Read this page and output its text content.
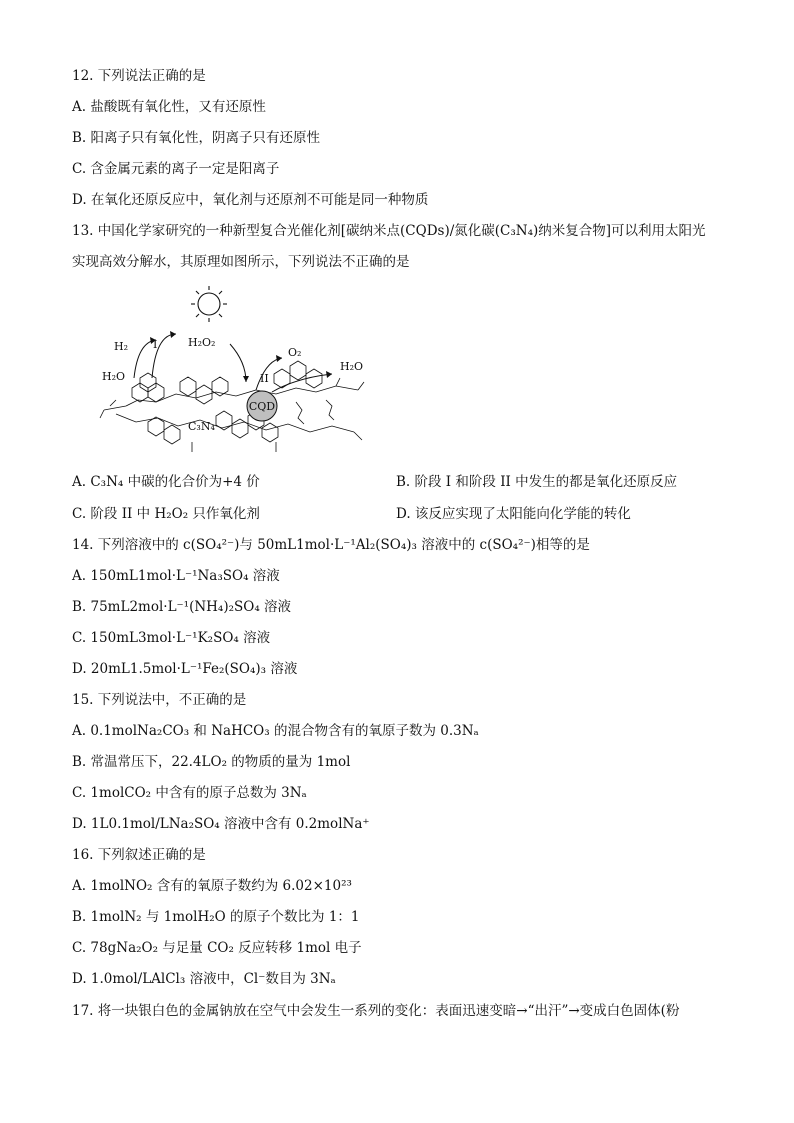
12. 下列说法正确的是
A. 盐酸既有氧化性，又有还原性
B. 阳离子只有氧化性，阴离子只有还原性
C. 含金属元素的离子一定是阳离子
D. 在氧化还原反应中，氧化剂与还原剂不可能是同一种物质
13. 中国化学家研究的一种新型复合光催化剂[碳纳米点(CQDs)/氮化碳(C₃N₄)纳米复合物]可以利用太阳光
实现高效分解水，其原理如图所示，下列说法不正确的是
CQD
H₂ I	H₂O₂
H₂O	II
O₂
H₂O
C₃N₄
A. C₃N₄ 中碳的化合价为+4 价	B. 阶段 I 和阶段 II 中发生的都是氧化还原反应
C. 阶段 II 中 H₂O₂ 只作氧化剂	D. 该反应实现了太阳能向化学能的转化
14. 下列溶液中的 c(SO₄²⁻)与 50mL1mol·L⁻¹Al₂(SO₄)₃ 溶液中的 c(SO₄²⁻)相等的是
A. 150mL1mol·L⁻¹Na₃SO₄ 溶液
B. 75mL2mol·L⁻¹(NH₄)₂SO₄ 溶液
C. 150mL3mol·L⁻¹K₂SO₄ 溶液
D. 20mL1.5mol·L⁻¹Fe₂(SO₄)₃ 溶液
15. 下列说法中，不正确的是
A. 0.1molNa₂CO₃ 和 NaHCO₃ 的混合物含有的氧原子数为 0.3Nₐ
B. 常温常压下，22.4LO₂ 的物质的量为 1mol
C. 1molCO₂ 中含有的原子总数为 3Nₐ
D. 1L0.1mol/LNa₂SO₄ 溶液中含有 0.2molNa⁺
16. 下列叙述正确的是
A. 1molNO₂ 含有的氧原子数约为 6.02×10²³
B. 1molN₂ 与 1molH₂O 的原子个数比为 1：1
C. 78gNa₂O₂ 与足量 CO₂ 反应转移 1mol 电子
D. 1.0mol/LAlCl₃ 溶液中，Cl⁻数目为 3Nₐ
17. 将一块银白色的金属钠放在空气中会发生一系列的变化：表面迅速变暗→“出汗”→变成白色固体(粉
